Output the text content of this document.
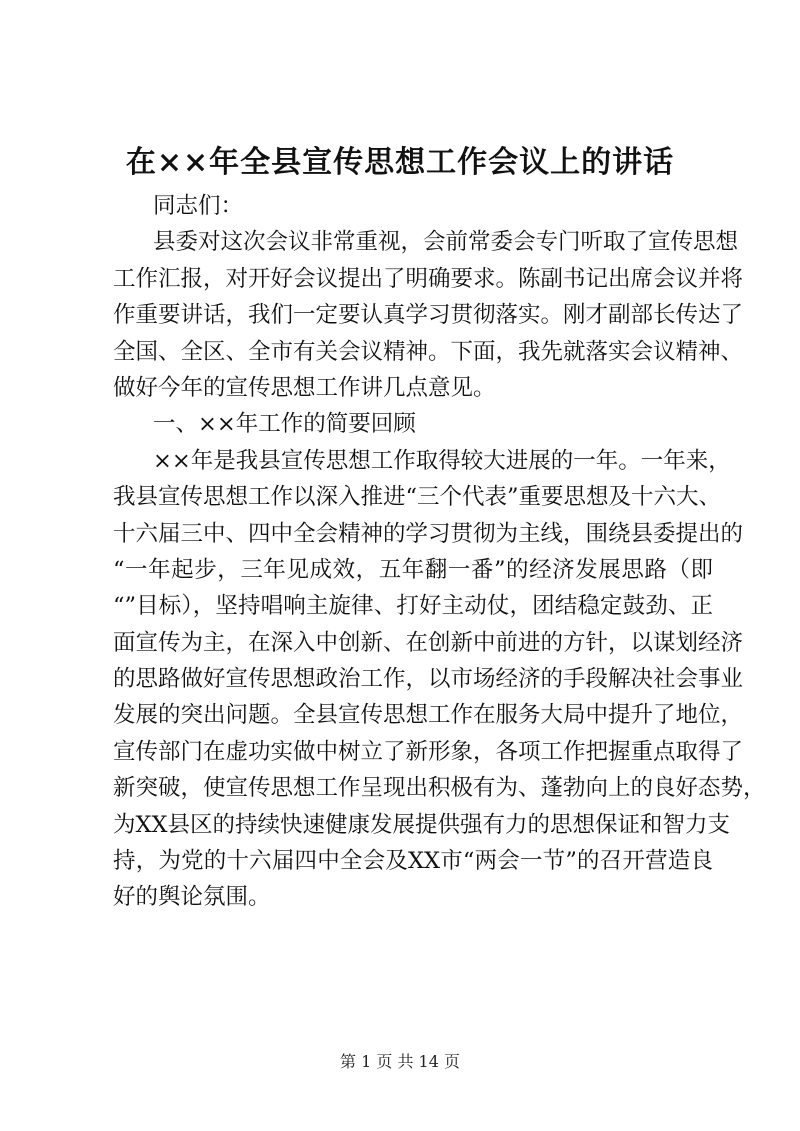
在××年全县宣传思想工作会议上的讲话
同志们：
县委对这次会议非常重视，会前常委会专门听取了宣传思想
工作汇报，对开好会议提出了明确要求。陈副书记出席会议并将
作重要讲话，我们一定要认真学习贯彻落实。刚才副部长传达了
全国、全区、全市有关会议精神。下面，我先就落实会议精神、
做好今年的宣传思想工作讲几点意见。
一、××年工作的简要回顾
××年是我县宣传思想工作取得较大进展的一年。一年来，
我县宣传思想工作以深入推进“三个代表”重要思想及十六大、
十六届三中、四中全会精神的学习贯彻为主线，围绕县委提出的
“一年起步，三年见成效，五年翻一番”的经济发展思路（即
“”目标），坚持唱响主旋律、打好主动仗，团结稳定鼓劲、正
面宣传为主，在深入中创新、在创新中前进的方针，以谋划经济
的思路做好宣传思想政治工作，以市场经济的手段解决社会事业
发展的突出问题。全县宣传思想工作在服务大局中提升了地位，
宣传部门在虚功实做中树立了新形象，各项工作把握重点取得了
新突破，使宣传思想工作呈现出积极有为、蓬勃向上的良好态势，
为XX县区的持续快速健康发展提供强有力的思想保证和智力支
持，为党的十六届四中全会及XX市“两会一节”的召开营造良
好的舆论氛围。
第 1 页 共 14 页
